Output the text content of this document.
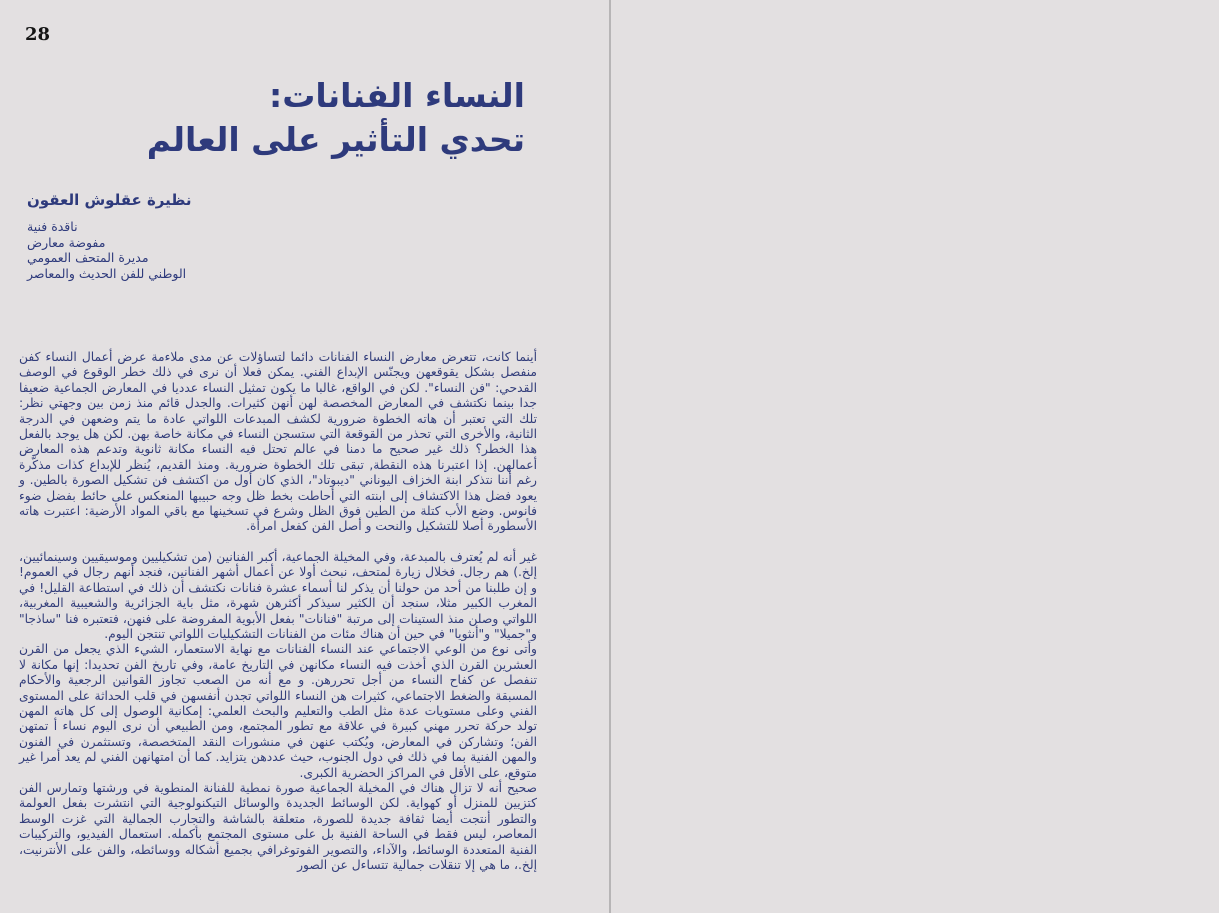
28
النساء الفنانات:
تحدي التأثير على العالم
نظيرة عقلوش العقون
ناقدة فنية
مفوضة معارض
مديرة المتحف العمومي
الوطني للفن الحديث والمعاصر

أينما كانت، تتعرض معارض النساء الفنانات دائما لتساؤلات عن مدى ملاءمة عرض أعمال النساء كفن منفصل بشكل يقوقعهن ويجنّس الإبداع الفني. يمكن فعلا أن نرى في ذلك خطر الوقوع في الوصف القدحي: "فن النساء". لكن في الواقع، غالبا ما يكون تمثيل النساء عدديا في المعارض الجماعية ضعيفا جدا بينما نكتشف في المعارض المخصصة لهن أنهن كثيرات. والجدل قائم منذ زمن بين وجهتي نظر: تلك التي تعتبر أن هاته الخطوة ضرورية لكشف المبدعات اللواتي عادة ما يتم وضعهن في الدرجة الثانية، والأخرى التي تحذر من القوقعة التي ستسجن النساء في مكانة خاصة بهن. لكن هل يوجد بالفعل هذا الخطر؟ ذلك غير صحيح ما دمنا في عالم تحتل فيه النساء مكانة ثانوية وتدعم هذه المعارض أعمالهن. إذا اعتبرنا هذه النقطة, تبقى تلك الخطوة ضرورية. ومنذ القديم، يُنظر للإبداع كذات مذكَّرة رغم أننا نتذكر ابنة الخزاف اليوناني "ديبوتاد"، الذي كان أول من اكتشف فن تشكيل الصورة بالطين. و يعود فضل هذا الاكتشاف إلى ابنته التي أحاطت بخط ظل وجه حبيبها المنعكس على حائط بفضل ضوء فانوس. وضع الأب كتلة من الطين فوق الظل وشرع في تسخينها مع باقي المواد الأرضية: اعتبرت هاته الأسطورة أصلا للتشكيل والنحت و أصل الفن كفعل امرأة.

غير أنه لم يُعترف بالمبدعة، وفي المخيلة الجماعية، أكبر الفنانين (من تشكيليين وموسيقيين وسينمائيين، إلخ.) هم رجال. فخلال زيارة لمتحف، نبحث أولا عن أعمال أشهر الفنانين، فنجد أنهم رجال في العموم! و إن طلبنا من أحد من حولنا أن يذكر لنا أسماء عشرة فنانات نكتشف أن ذلك في استطاعة القليل! في المغرب الكبير مثلا، سنجد أن الكثير سيذكر أكثرهن شهرة، مثل باية الجزائرية والشعيبية المغربية، اللواتي وصلن منذ الستينات إلى مرتبة "فنانات" بفعل الأبوية المفروضة على فنهن، فتعتبره فنا "ساذجا" و"جميلا" و"أنثويا" في حين أن هناك مئات من الفنانات التشكيليات اللواتي تنتجن اليوم.

وأتى نوع من الوعي الاجتماعي عند النساء الفنانات مع نهاية الاستعمار، الشيء الذي يجعل من القرن العشرين القرن الذي أخذت فيه النساء مكانهن في التاريخ عامة، وفي تاريخ الفن تحديدا: إنها مكانة لا تنفصل عن كفاح النساء من أجل تحررهن. و مع أنه من الصعب تجاوز القوانين الرجعية والأحكام المسبقة والضغط الاجتماعي، كثيرات هن النساء اللواتي تجدن أنفسهن في قلب الحداثة على المستوى الفني وعلى مستويات عدة مثل الطب والتعليم والبحث العلمي: إمكانية الوصول إلى كل هاته المهن تولد حركة تحرر مهني كبيرة في علاقة مع تطور المجتمع، ومن الطبيعي أن نرى اليوم نساء أ تمتهن الفن؛ وتشاركن في المعارض، ويُكتب عنهن في منشورات النقد المتخصصة، وتستثمرن في الفنون والمهن الفنية بما في ذلك في دول الجنوب، حيث عددهن يتزايد. كما أن امتهانهن الفني لم يعد أمرا غير متوقع، على الأقل في المراكز الحضرية الكبرى.

صحيح أنه لا تزال هناك في المخيلة الجماعية صورة نمطية للفنانة المنطوية في ورشتها وتمارس الفن كتزيين للمنزل أو كهواية. لكن الوسائط الجديدة والوسائل التيكنولوجية التي انتشرت بفعل العولمة والتطور أنتجت أيضا ثقافة جديدة للصورة، متعلقة بالشاشة والتجارب الجمالية التي غزت الوسط المعاصر، ليس فقط في الساحة الفنية بل على مستوى المجتمع بأكمله. استعمال الفيديو، والتركيبات الفنية المتعددة الوسائط، والآداء، والتصوير الفوتوغرافي بجميع أشكاله ووسائطه، والفن على الأنترنيت، إلخ.، ما هي إلا تنقلات جمالية تتساءل عن الصور
